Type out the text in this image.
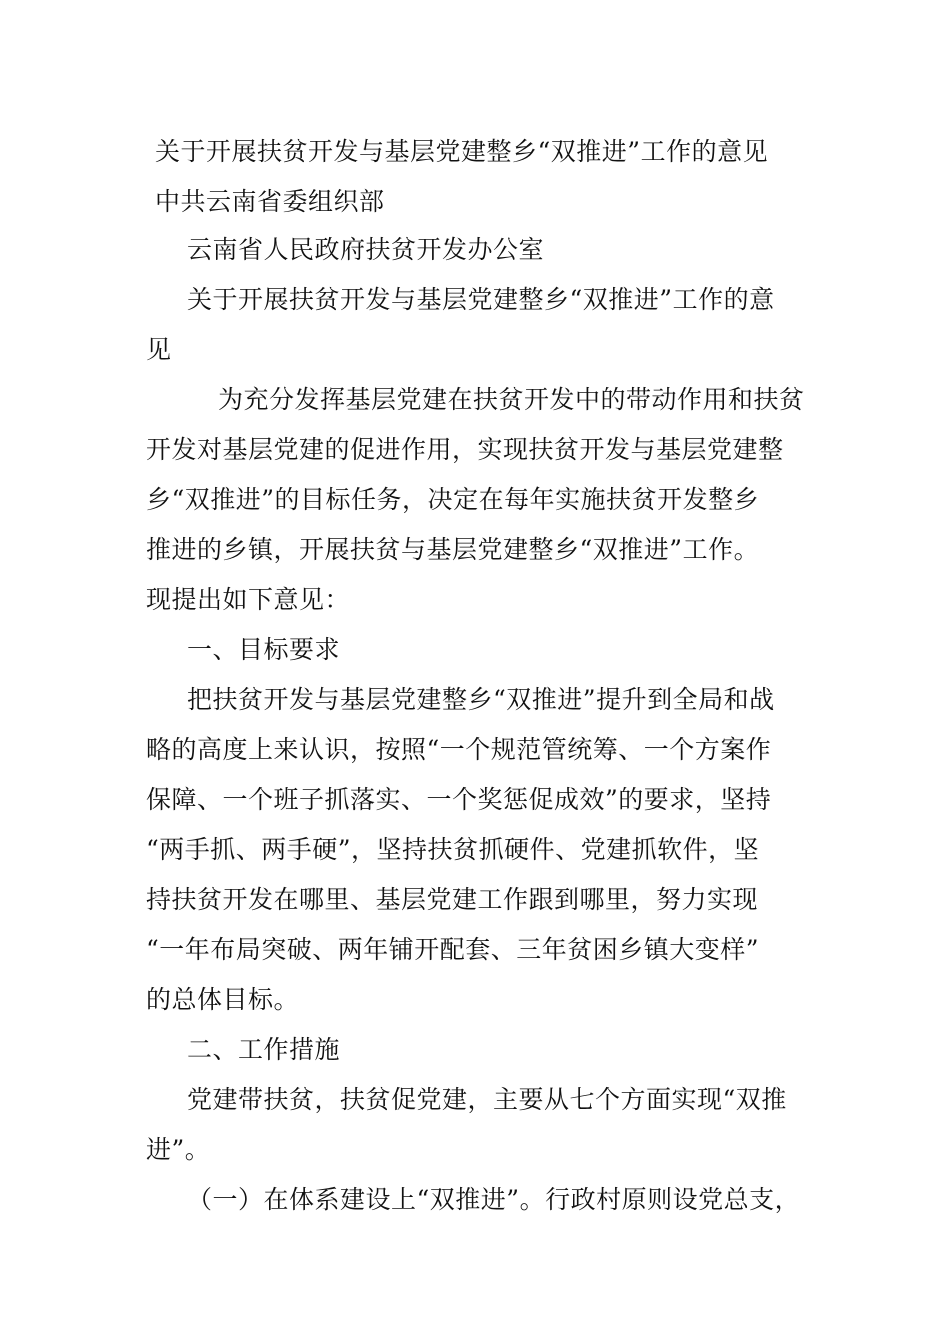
关于开展扶贫开发与基层党建整乡“双推进”工作的意见
中共云南省委组织部
云南省人民政府扶贫开发办公室
关于开展扶贫开发与基层党建整乡“双推进”工作的意
见
为充分发挥基层党建在扶贫开发中的带动作用和扶贫
开发对基层党建的促进作用，实现扶贫开发与基层党建整
乡“双推进”的目标任务，决定在每年实施扶贫开发整乡
推进的乡镇，开展扶贫与基层党建整乡“双推进”工作。
现提出如下意见：
一、目标要求
把扶贫开发与基层党建整乡“双推进”提升到全局和战
略的高度上来认识，按照“一个规范管统筹、一个方案作
保障、一个班子抓落实、一个奖惩促成效”的要求，坚持
“两手抓、两手硬”，坚持扶贫抓硬件、党建抓软件，坚
持扶贫开发在哪里、基层党建工作跟到哪里，努力实现
“一年布局突破、两年铺开配套、三年贫困乡镇大变样”
的总体目标。
二、工作措施
党建带扶贫，扶贫促党建，主要从七个方面实现“双推
进”。
（一）在体系建设上“双推进”。行政村原则设党总支，
